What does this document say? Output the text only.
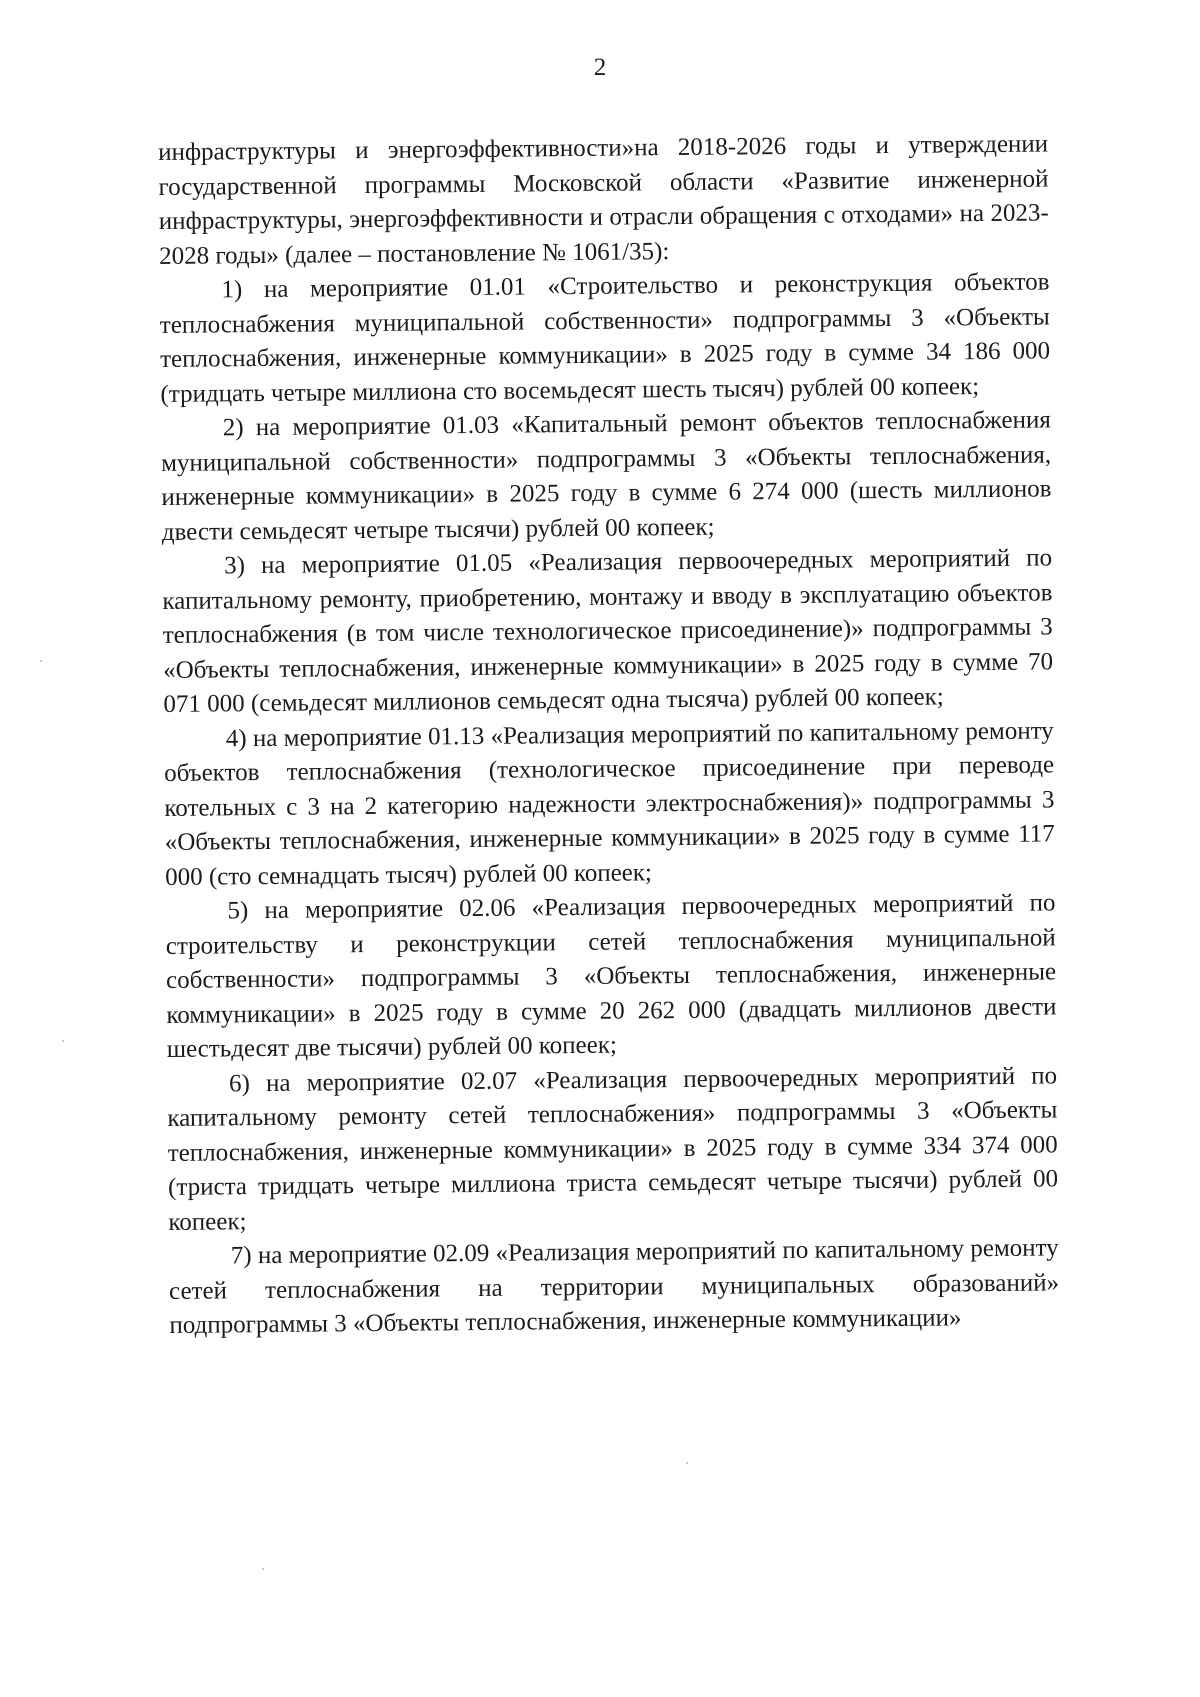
2

инфраструктуры и энергоэффективности»на 2018-2026 годы и утверждении государственной программы Московской области «Развитие инженерной инфраструктуры, энергоэффективности и отрасли обращения с отходами» на 2023-2028 годы» (далее – постановление № 1061/35):

1) на мероприятие 01.01 «Строительство и реконструкция объектов теплоснабжения муниципальной собственности» подпрограммы 3 «Объекты теплоснабжения, инженерные коммуникации» в 2025 году в сумме 34 186 000 (тридцать четыре миллиона сто восемьдесят шесть тысяч) рублей 00 копеек;

2) на мероприятие 01.03 «Капитальный ремонт объектов теплоснабжения муниципальной собственности» подпрограммы 3 «Объекты теплоснабжения, инженерные коммуникации» в 2025 году в сумме 6 274 000 (шесть миллионов двести семьдесят четыре тысячи) рублей 00 копеек;

3) на мероприятие 01.05 «Реализация первоочередных мероприятий по капитальному ремонту, приобретению, монтажу и вводу в эксплуатацию объектов теплоснабжения (в том числе технологическое присоединение)» подпрограммы 3 «Объекты теплоснабжения, инженерные коммуникации» в 2025 году в сумме 70 071 000 (семьдесят миллионов семьдесят одна тысяча) рублей 00 копеек;

4) на мероприятие 01.13 «Реализация мероприятий по капитальному ремонту объектов теплоснабжения (технологическое присоединение при переводе котельных с 3 на 2 категорию надежности электроснабжения)» подпрограммы 3 «Объекты теплоснабжения, инженерные коммуникации» в 2025 году в сумме 117 000 (сто семнадцать тысяч) рублей 00 копеек;

5) на мероприятие 02.06 «Реализация первоочередных мероприятий по строительству и реконструкции сетей теплоснабжения муниципальной собственности» подпрограммы 3 «Объекты теплоснабжения, инженерные коммуникации» в 2025 году в сумме 20 262 000 (двадцать миллионов двести шестьдесят две тысячи) рублей 00 копеек;

6) на мероприятие 02.07 «Реализация первоочередных мероприятий по капитальному ремонту сетей теплоснабжения» подпрограммы 3 «Объекты теплоснабжения, инженерные коммуникации» в 2025 году в сумме 334 374 000 (триста тридцать четыре миллиона триста семьдесят четыре тысячи) рублей 00 копеек;

7) на мероприятие 02.09 «Реализация мероприятий по капитальному ремонту сетей теплоснабжения на территории муниципальных образований» подпрограммы 3 «Объекты теплоснабжения, инженерные коммуникации»
